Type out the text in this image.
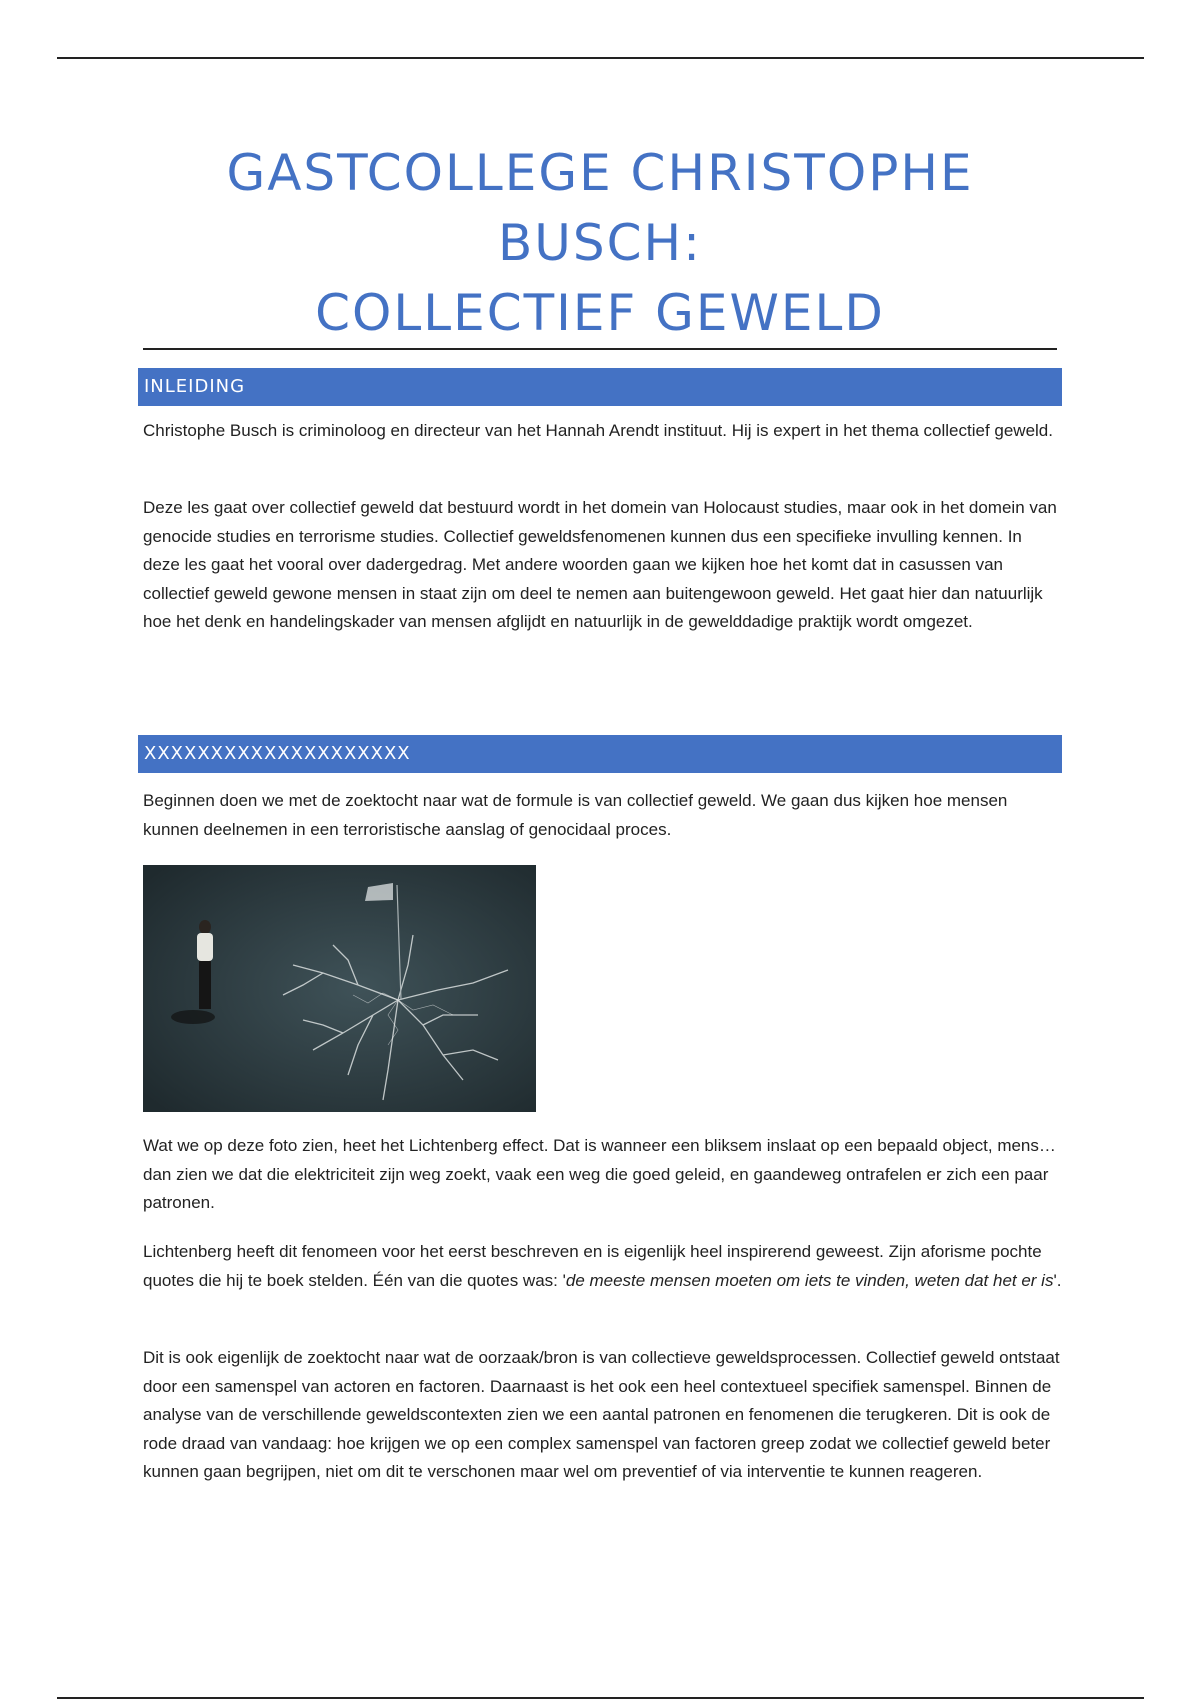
GASTCOLLEGE CHRISTOPHE
BUSCH:
COLLECTIEF GEWELD
INLEIDING

Christophe Busch is criminoloog en directeur van het Hannah Arendt instituut. Hij is expert in het thema collectief geweld.

Deze les gaat over collectief geweld dat bestuurd wordt in het domein van Holocaust studies, maar ook in het domein van genocide studies en terrorisme studies. Collectief geweldsfenomenen kunnen dus een specifieke invulling kennen. In deze les gaat het vooral over dadergedrag. Met andere woorden gaan we kijken hoe het komt dat in casussen van collectief geweld gewone mensen in staat zijn om deel te nemen aan buitengewoon geweld. Het gaat hier dan natuurlijk hoe het denk en handelingskader van mensen afglijdt en natuurlijk in de gewelddadige praktijk wordt omgezet.

XXXXXXXXXXXXXXXXXXXX

Beginnen doen we met de zoektocht naar wat de formule is van collectief geweld. We gaan dus kijken hoe mensen kunnen deelnemen in een terroristische aanslag of genocidaal proces.

Wat we op deze foto zien, heet het Lichtenberg effect. Dat is wanneer een bliksem inslaat op een bepaald object, mens… dan zien we dat die elektriciteit zijn weg zoekt, vaak een weg die goed geleid, en gaandeweg ontrafelen er zich een paar patronen.

Lichtenberg heeft dit fenomeen voor het eerst beschreven en is eigenlijk heel inspirerend geweest. Zijn aforisme pochte quotes die hij te boek stelden. Één van die quotes was: 'de meeste mensen moeten om iets te vinden, weten dat het er is'.

Dit is ook eigenlijk de zoektocht naar wat de oorzaak/bron is van collectieve geweldsprocessen. Collectief geweld ontstaat door een samenspel van actoren en factoren. Daarnaast is het ook een heel contextueel specifiek samenspel. Binnen de analyse van de verschillende geweldscontexten zien we een aantal patronen en fenomenen die terugkeren. Dit is ook de rode draad van vandaag: hoe krijgen we op een complex samenspel van factoren greep zodat we collectief geweld beter kunnen gaan begrijpen, niet om dit te verschonen maar wel om preventief of via interventie te kunnen reageren.
